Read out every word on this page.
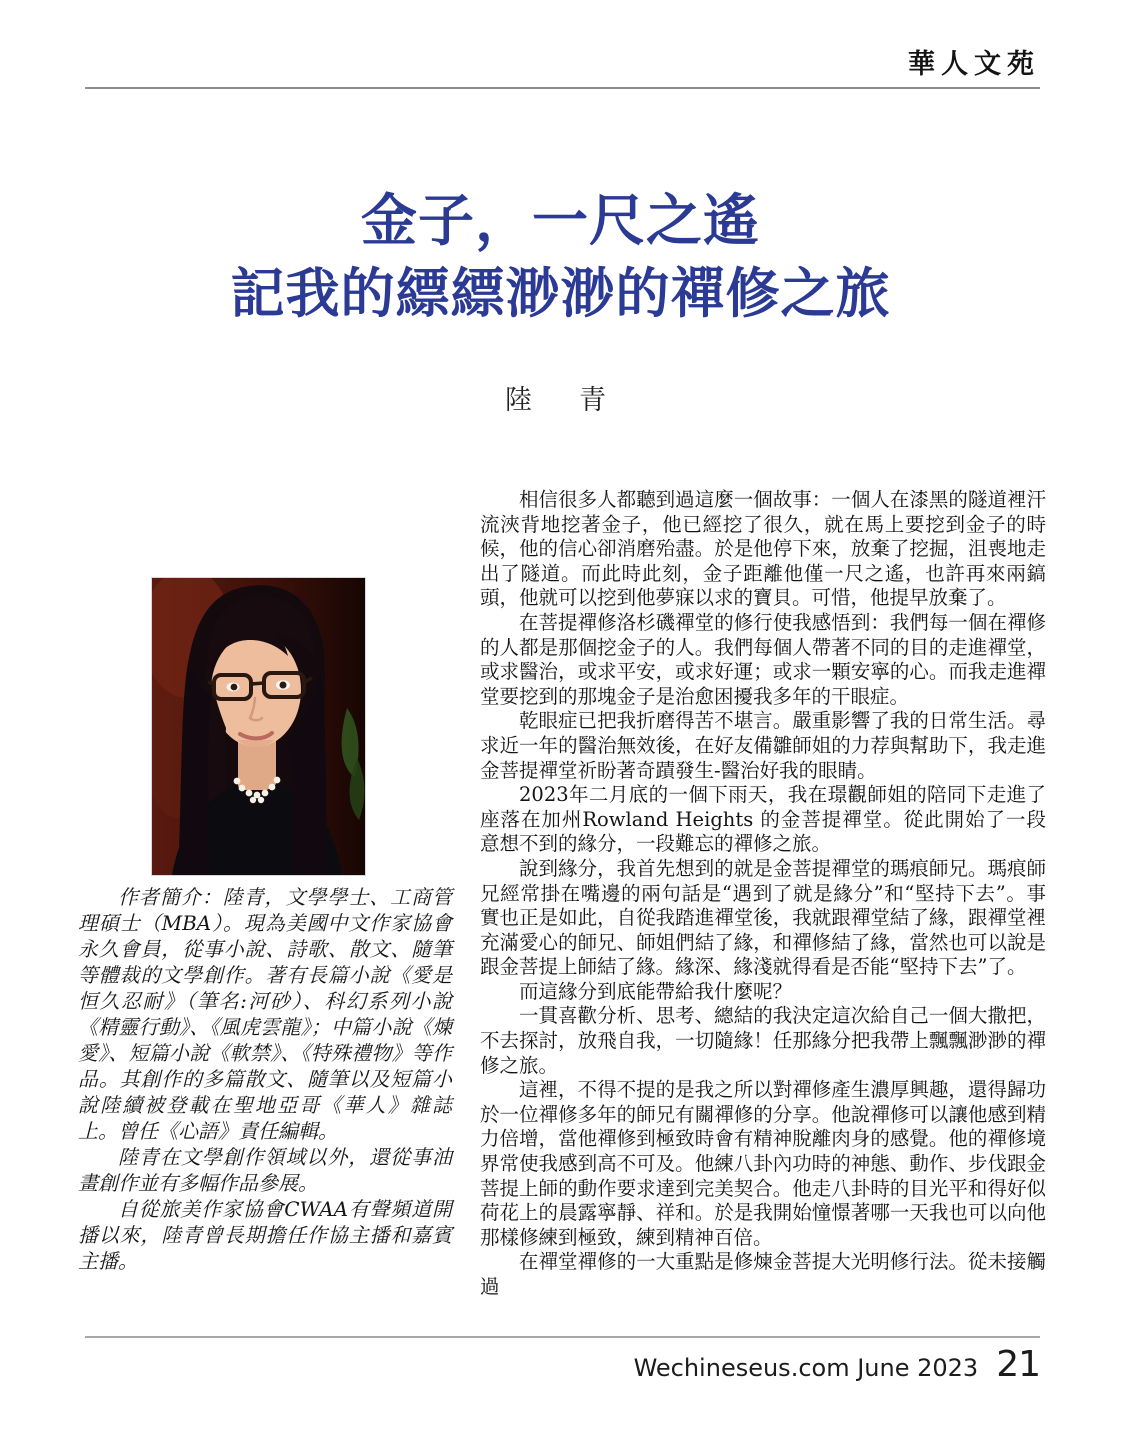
華人文苑
金子，一尺之遙
記我的縹縹渺渺的禪修之旅
陸　青

作者簡介：陸青，文學學士、工商管理碩士（MBA）。現為美國中文作家協會永久會員，從事小說、詩歌、散文、隨筆等體裁的文學創作。著有長篇小說《愛是恒久忍耐》（筆名:河砂）、科幻系列小說《精靈行動》、《風虎雲龍》；中篇小說《煉愛》、短篇小說《軟禁》、《特殊禮物》等作品。其創作的多篇散文、隨筆以及短篇小說陸續被登載在聖地亞哥《華人》雜誌上。曾任《心語》責任編輯。

陸青在文學創作領域以外，還從事油畫創作並有多幅作品參展。

自從旅美作家協會CWAA有聲頻道開播以來，陸青曾長期擔任作協主播和嘉賓主播。

相信很多人都聽到過這麼一個故事：一個人在漆黑的隧道裡汗流浹背地挖著金子，他已經挖了很久，就在馬上要挖到金子的時候，他的信心卻消磨殆盡。於是他停下來，放棄了挖掘，沮喪地走出了隧道。而此時此刻，金子距離他僅一尺之遙，也許再來兩鎬頭，他就可以挖到他夢寐以求的寶貝。可惜，他提早放棄了。

在菩提禪修洛杉磯禪堂的修行使我感悟到：我們每一個在禪修的人都是那個挖金子的人。我們每個人帶著不同的目的走進禪堂，或求醫治，或求平安，或求好運；或求一顆安寧的心。而我走進禪堂要挖到的那塊金子是治愈困擾我多年的干眼症。

乾眼症已把我折磨得苦不堪言。嚴重影響了我的日常生活。尋求近一年的醫治無效後，在好友備雛師姐的力荐與幫助下，我走進金菩提禪堂祈盼著奇蹟發生-醫治好我的眼睛。

2023年二月底的一個下雨天，我在璟觀師姐的陪同下走進了座落在加州Rowland Heights 的金菩提禪堂。從此開始了一段意想不到的緣分，一段難忘的禪修之旅。

說到緣分，我首先想到的就是金菩提禪堂的瑪痕師兄。瑪痕師兄經常掛在嘴邊的兩句話是“遇到了就是緣分”和“堅持下去”。事實也正是如此，自從我踏進禪堂後，我就跟禪堂結了緣，跟禪堂裡充滿愛心的師兄、師姐們結了緣，和禪修結了緣，當然也可以說是跟金菩提上師結了緣。緣深、緣淺就得看是否能“堅持下去”了。

而這緣分到底能帶給我什麼呢？

一貫喜歡分析、思考、總結的我決定這次給自己一個大撒把，不去探討，放飛自我，一切隨緣！任那緣分把我帶上飄飄渺渺的禪修之旅。

這裡，不得不提的是我之所以對禪修產生濃厚興趣，還得歸功於一位禪修多年的師兄有關禪修的分享。他說禪修可以讓他感到精力倍增，當他禪修到極致時會有精神脫離肉身的感覺。他的禪修境界常使我感到高不可及。他練八卦內功時的神態、動作、步伐跟金菩提上師的動作要求達到完美契合。他走八卦時的目光平和得好似荷花上的晨露寧靜、祥和。於是我開始憧憬著哪一天我也可以向他那樣修練到極致，練到精神百倍。

在禪堂禪修的一大重點是修煉金菩提大光明修行法。從未接觸過

Wechineseus.com June 2023 21
